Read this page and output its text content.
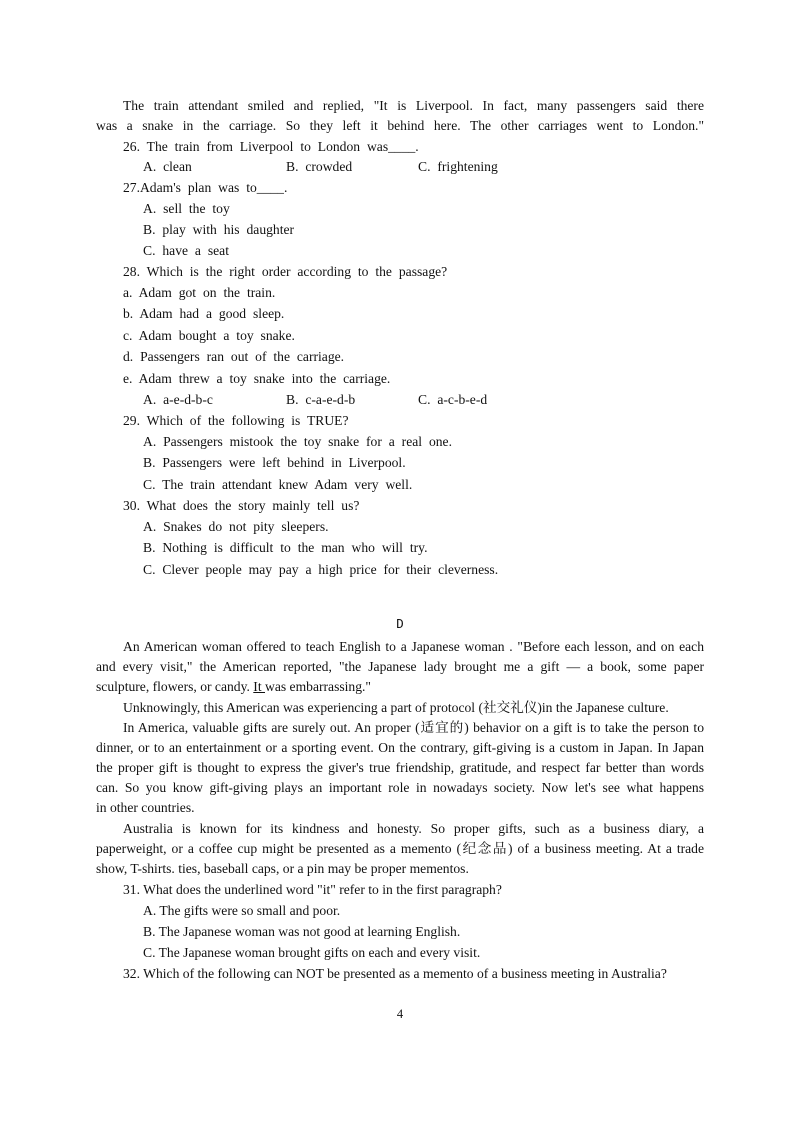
The train attendant smiled and replied, "It is Liverpool. In fact, many passengers said there
was a snake in the carriage. So they left it behind here. The other carriages went to London."
26. The train from Liverpool to London was____.
A. clean	B. crowded	C. frightening
27.Adam's plan was to____.
A. sell the toy
B. play with his daughter
C. have a seat
28. Which is the right order according to the passage?
a. Adam got on the train.
b. Adam had a good sleep.
c. Adam bought a toy snake.
d. Passengers ran out of the carriage.
e. Adam threw a toy snake into the carriage.
A. a-e-d-b-c	B. c-a-e-d-b	C. a-c-b-e-d
29. Which of the following is TRUE?
A. Passengers mistook the toy snake for a real one.
B. Passengers were left behind in Liverpool.
C. The train attendant knew Adam very well.
30. What does the story mainly tell us?
A. Snakes do not pity sleepers.
B. Nothing is difficult to the man who will try.
C. Clever people may pay a high price for their cleverness.
D
An American woman offered to teach English to a Japanese woman . "Before each lesson, and on each
and every visit," the American reported, "the Japanese lady brought me a gift — a book, some paper
sculpture, flowers, or candy. It was embarrassing."
Unknowingly, this American was experiencing a part of protocol (社交礼仪)in the Japanese culture.
In America, valuable gifts are surely out. An proper (适宜的) behavior on a gift is to take the person to
dinner, or to an entertainment or a sporting event. On the contrary, gift-giving is a custom in Japan. In Japan
the proper gift is thought to express the giver's true friendship, gratitude, and respect far better than words
can. So you know gift-giving plays an important role in nowadays society. Now let's see what happens
in other countries.
Australia is known for its kindness and honesty. So proper gifts, such as a business diary, a
paperweight, or a coffee cup might be presented as a memento (纪念品) of a business meeting. At a trade
show, T-shirts. ties, baseball caps, or a pin may be proper mementos.
31. What does the underlined word "it" refer to in the first paragraph?
A. The gifts were so small and poor.
B. The Japanese woman was not good at learning English.
C. The Japanese woman brought gifts on each and every visit.
32. Which of the following can NOT be presented as a memento of a business meeting in Australia?
4
